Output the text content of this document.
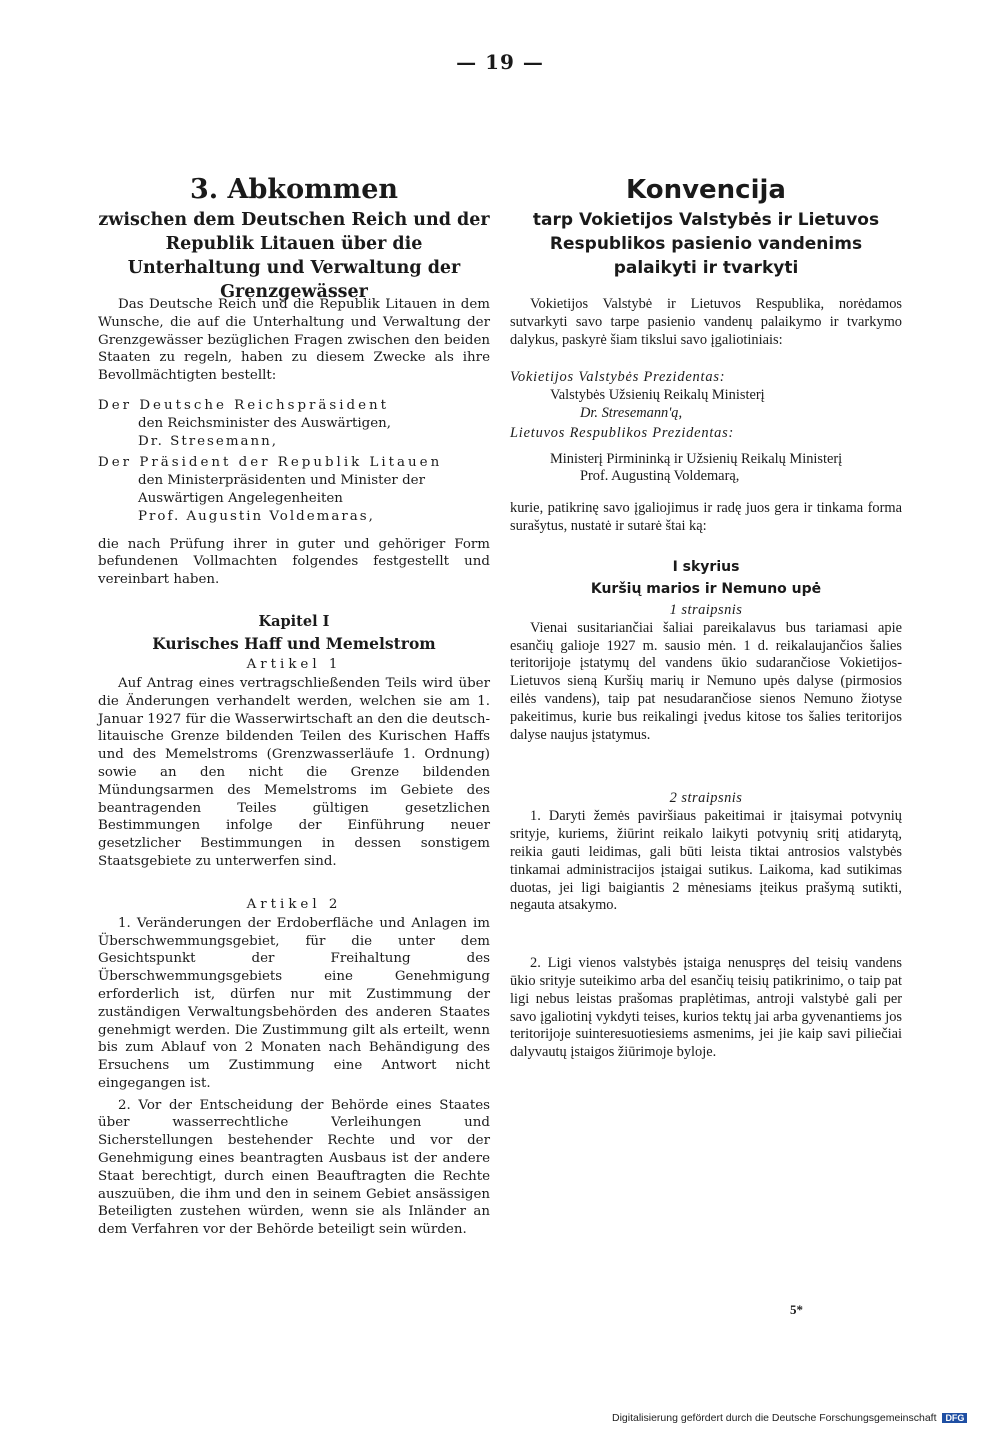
— 19 —
3. Abkommen
zwischen dem Deutschen Reich und der Republik Litauen über die Unterhaltung und Verwaltung der Grenzgewässer

Das Deutsche Reich und die Republik Litauen in dem Wunsche, die auf die Unterhaltung und Verwaltung der Grenzgewässer bezüglichen Fragen zwischen den beiden Staaten zu regeln, haben zu diesem Zwecke als ihre Bevollmächtigten bestellt:

Der Deutsche Reichspräsident

den Reichsminister des Auswärtigen,

Dr. Stresemann,

Der Präsident der Republik Litauen

den Ministerpräsidenten und Minister der Auswärtigen Angelegenheiten

Prof. Augustin Voldemaras,

die nach Prüfung ihrer in guter und gehöriger Form befundenen Vollmachten folgendes festgestellt und vereinbart haben.

Kapitel I

Kurisches Haff und Memelstrom

Artikel 1

Auf Antrag eines vertragschließenden Teils wird über die Änderungen verhandelt werden, welchen sie am 1. Januar 1927 für die Wasserwirtschaft an den die deutsch-litauische Grenze bildenden Teilen des Kurischen Haffs und des Memelstroms (Grenzwasserläufe 1. Ordnung) sowie an den nicht die Grenze bildenden Mündungsarmen des Memelstroms im Gebiete des beantragenden Teiles gültigen gesetzlichen Bestimmungen infolge der Einführung neuer gesetzlicher Bestimmungen in dessen sonstigem Staatsgebiete zu unterwerfen sind.

Artikel 2

1. Veränderungen der Erdoberfläche und Anlagen im Überschwemmungsgebiet, für die unter dem Gesichtspunkt der Freihaltung des Überschwemmungsgebiets eine Genehmigung erforderlich ist, dürfen nur mit Zustimmung der zuständigen Verwaltungsbehörden des anderen Staates genehmigt werden. Die Zustimmung gilt als erteilt, wenn bis zum Ablauf von 2 Monaten nach Behändigung des Ersuchens um Zustimmung eine Antwort nicht eingegangen ist.

2. Vor der Entscheidung der Behörde eines Staates über wasserrechtliche Verleihungen und Sicherstellungen bestehender Rechte und vor der Genehmigung eines beantragten Ausbaus ist der andere Staat berechtigt, durch einen Beauftragten die Rechte auszuüben, die ihm und den in seinem Gebiet ansässigen Beteiligten zustehen würden, wenn sie als Inländer an dem Verfahren vor der Behörde beteiligt sein würden.

Konvencija
tarp Vokietijos Valstybės ir Lietuvos Respublikos pasienio vandenims palaikyti ir tvarkyti

Vokietijos Valstybė ir Lietuvos Respublika, norėdamos sutvarkyti savo tarpe pasienio vandenų palaikymo ir tvarkymo dalykus, paskyrė šiam tikslui savo įgaliotiniais:

Vokietijos Valstybės Prezidentas:

Valstybės Užsienių Reikalų Ministerį

Dr. Stresemann'ą,

Lietuvos Respublikos Prezidentas:

Ministerį Pirmininką ir Užsienių Reikalų Ministerį

Prof. Augustiną Voldemarą,

kurie, patikrinę savo įgaliojimus ir radę juos gera ir tinkama forma surašytus, nustatė ir sutarė štai ką:

I skyrius

Kuršių marios ir Nemuno upė

1 straipsnis

Vienai susitariančiai šaliai pareikalavus bus tariamasi apie esančių galioje 1927 m. sausio mėn. 1 d. reikalaujančios šalies teritorijoje įstatymų del vandens ūkio sudarančiose Vokietijos-Lietuvos sieną Kuršių marių ir Nemuno upės dalyse (pirmosios eilės vandens), taip pat nesudarančiose sienos Nemuno žiotyse pakeitimus, kurie bus reikalingi įvedus kitose tos šalies teritorijos dalyse naujus įstatymus.

2 straipsnis

1. Daryti žemės paviršiaus pakeitimai ir įtaisymai potvynių srityje, kuriems, žiūrint reikalo laikyti potvynių sritį atidarytą, reikia gauti leidimas, gali būti leista tiktai antrosios valstybės tinkamai administracijos įstaigai sutikus. Laikoma, kad sutikimas duotas, jei ligi baigiantis 2 mėnesiams įteikus prašymą sutikti, negauta atsakymo.

2. Ligi vienos valstybės įstaiga nenuspręs del teisių vandens ūkio srityje suteikimo arba del esančių teisių patikrinimo, o taip pat ligi nebus leistas prašomas praplėtimas, antroji valstybė gali per savo įgaliotinį vykdyti teises, kurios tektų jai arba gyvenantiems jos teritorijoje suinteresuotiesiems asmenims, jei jie kaip savi piliečiai dalyvautų įstaigos žiūrimoje byloje.

5*
Digitalisierung gefördert durch die Deutsche Forschungsgemeinschaft DFG
